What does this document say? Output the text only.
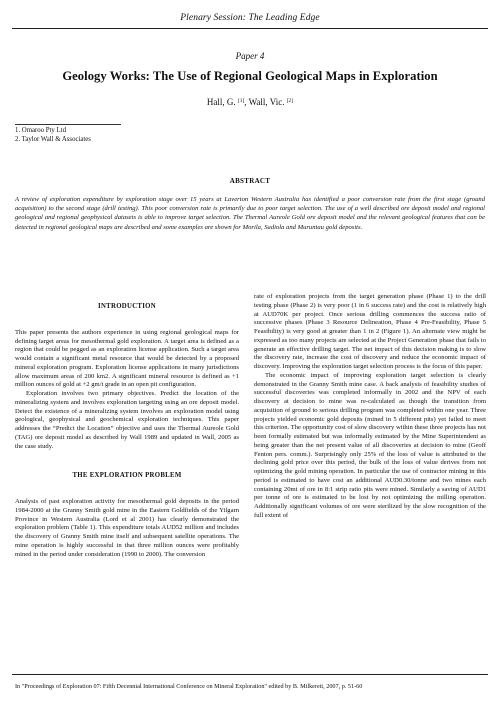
Plenary Session: The Leading Edge
Paper 4
Geology Works: The Use of Regional Geological Maps in Exploration
Hall, G. [1], Wall, Vic. [2]
1. Omaroo Pty Ltd
2. Taylor Wall & Associates
ABSTRACT
A review of exploration expenditure by exploration stage over 15 years at Laverton Western Australia has identified a poor conversion rate from the first stage (ground acquisition) to the second stage (drill testing). This poor conversion rate is primarily due to poor target selection. The use of a well described ore deposit model and regional geological and regional geophysical datasets is able to improve target selection. The Thermal Aureole Gold ore deposit model and the relevant geological features that can be detected in regional geological maps are described and some examples are shown for Morila, Sadiola and Muruntau gold deposits.
INTRODUCTION

This paper presents the authors experience in using regional geological maps for defining target areas for mesothermal gold exploration. A target area is defined as a region that could be pegged as an exploration license application. Such a target area would contain a significant metal resource that would be detected by a proposed mineral exploration program. Exploration license applications in many jurisdictions allow maximum areas of 200 km2. A significant mineral resource is defined as +1 million ounces of gold at +2 gm/t grade in an open pit configuration.

Exploration involves two primary objectives. Predict the location of the mineralizing system and involves exploration targeting using an ore deposit model. Detect the existence of a mineralizing system involves an exploration model using geological, geophysical and geochemical exploration techniques. This paper addresses the “Predict the Location” objective and uses the Thermal Aureole Gold (TAG) ore deposit model as described by Wall 1989 and updated in Wall, 2005 as the case study.

THE EXPLORATION PROBLEM

Analysis of past exploration activity for mesothermal gold deposits in the period 1984-2000 at the Granny Smith gold mine in the Eastern Goldfields of the Yilgarn Province in Western Australia (Lord et al 2001) has clearly demonstrated the exploration problem (Table 1). This expenditure totals AUD52 million and includes the discovery of Granny Smith mine itself and subsequent satellite operations. The mine operation is highly successful in that three million ounces were profitably mined in the period under consideration (1990 to 2000). The conversion

rate of exploration projects from the target generation phase (Phase 1) to the drill testing phase (Phase 2) is very poor (1 in 6 success rate) and the cost is relatively high at AUD70K per project. Once serious drilling commences the success ratio of successive phases (Phase 3 Resource Delineation, Phase 4 Pre-Feasibility, Phase 5 Feasibility) is very good at greater than 1 in 2 (Figure 1). An alternate view might be expressed as too many projects are selected at the Project Generation phase that fails to generate an effective drilling target. The net impact of this decision making is to slow the discovery rate, increase the cost of discovery and reduce the economic impact of discovery. Improving the exploration target selection process is the focus of this paper.

The economic impact of improving exploration target selection is clearly demonstrated in the Granny Smith mine case. A back analysis of feasibility studies of successful discoveries was completed informally in 2002 and the NPV of each discovery at decision to mine was re-calculated as though the transition from acquisition of ground to serious drilling program was completed within one year. Three projects yielded economic gold deposits (mined in 5 different pits) yet failed to meet this criterion. The opportunity cost of slow discovery within these three projects has not been formally estimated but was informally estimated by the Mine Superintendent as being greater than the net present value of all discoveries at decision to mine (Geoff Fenton pers. comm.). Surprisingly only 25% of the loss of value is attributed to the declining gold price over this period, the bulk of the loss of value derives from not optimizing the gold mining operation. In particular the use of contractor mining in this period is estimated to have cost an additional AUD0.30/tonne and two mines each containing 20mt of ore in 8:1 strip ratio pits were mined. Similarly a saving of AUD1 per tonne of ore is estimated to be lost by not optimizing the milling operation. Additionally significant volumes of ore were sterilized by the slow recognition of the full extent of

In "Proceedings of Exploration 07: Fifth Decennial International Conference on Mineral Exploration" edited by B. Milkereit, 2007, p. 51-60
